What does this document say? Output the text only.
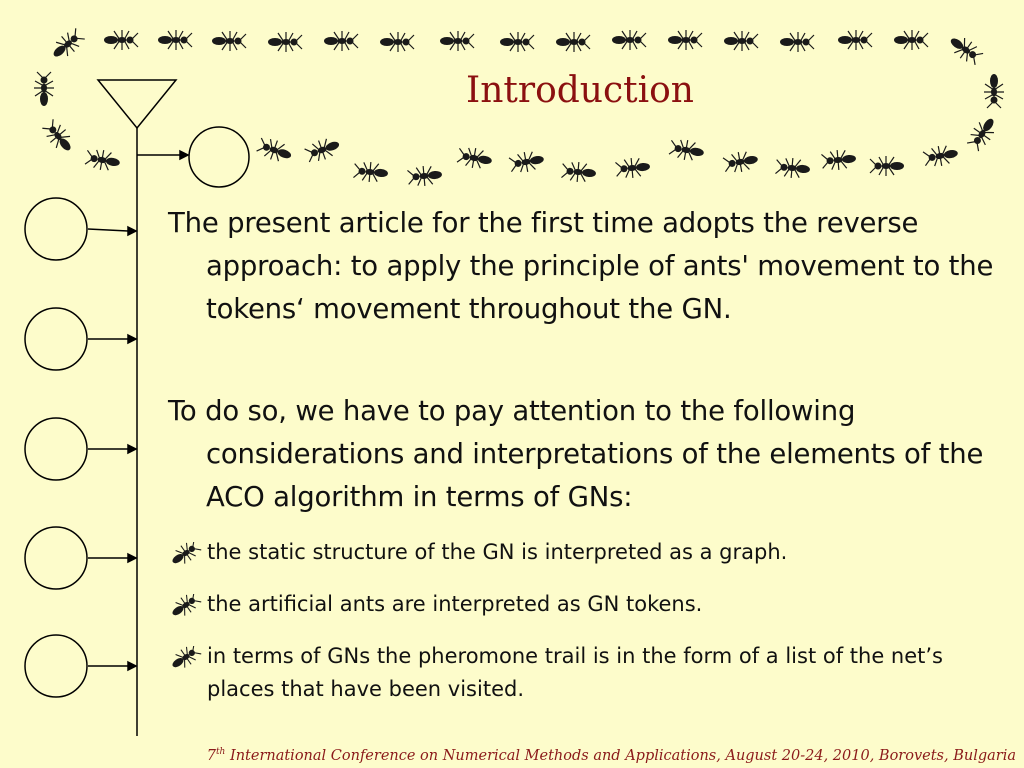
Introduction
The present article for the first time adopts the reverse approach: to apply the principle of ants' movement to the tokens‘ movement throughout the GN.
To do so, we have to pay attention to the following considerations and interpretations of the elements of the ACO algorithm in terms of GNs:
the static structure of the GN is interpreted as a graph.
the artificial ants are interpreted as GN tokens.
in terms of GNs the pheromone trail is in the form of a list of the net’s places that have been visited.
7th International Conference on Numerical Methods and Applications, August 20-24, 2010, Borovets, Bulgaria
